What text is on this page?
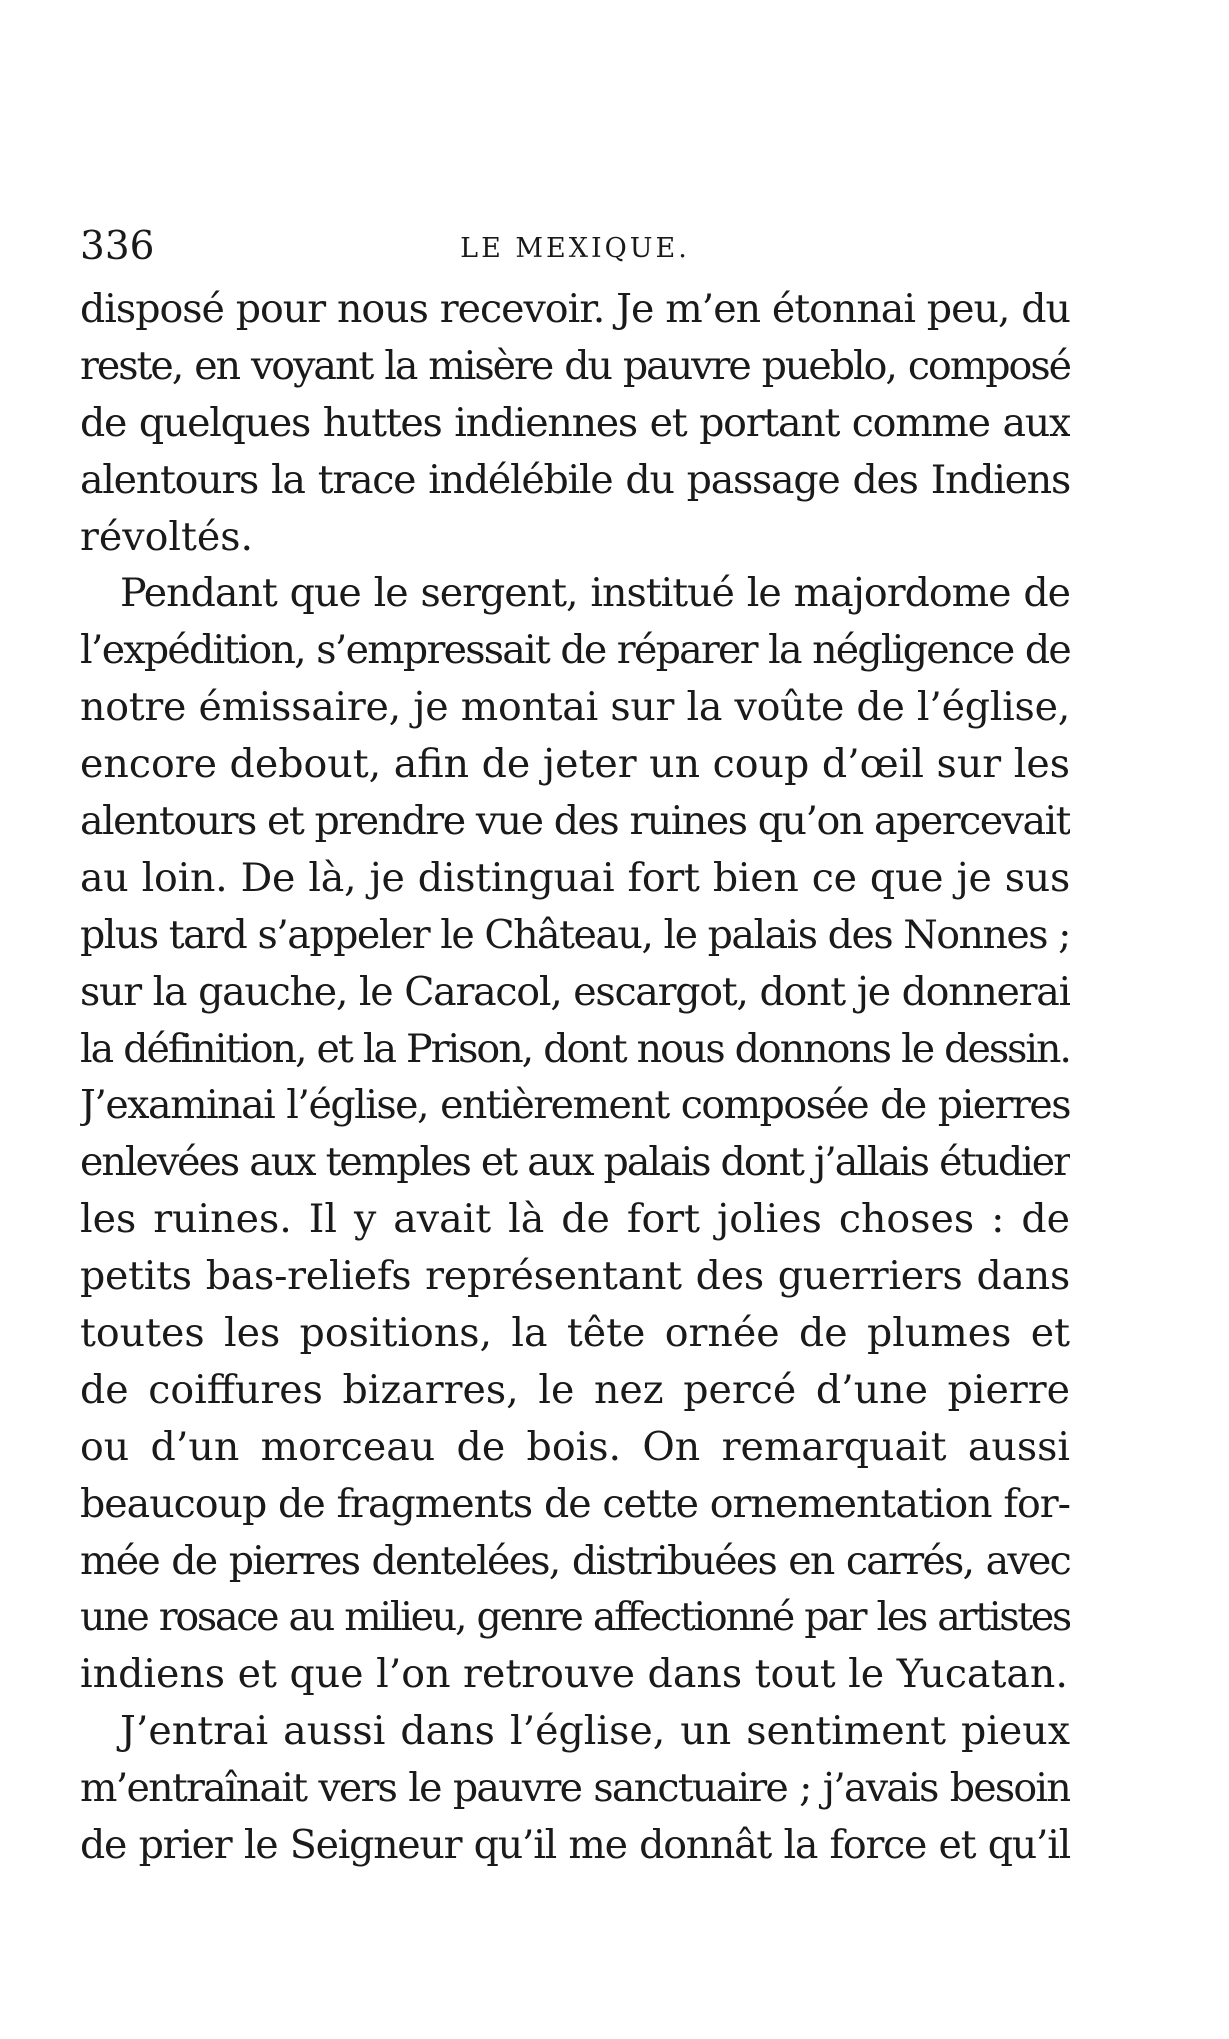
336	LE MEXIQUE.
disposé pour nous recevoir. Je m’en étonnai peu, du
reste, en voyant la misère du pauvre pueblo, composé
de quelques huttes indiennes et portant comme aux
alentours la trace indélébile du passage des Indiens
révoltés.
Pendant que le sergent, institué le majordome de
l’expédition, s’empressait de réparer la négligence de
notre émissaire, je montai sur la voûte de l’église,
encore debout, afin de jeter un coup d’œil sur les
alentours et prendre vue des ruines qu’on apercevait
au loin. De là, je distinguai fort bien ce que je sus
plus tard s’appeler le Château, le palais des Nonnes ;
sur la gauche, le Caracol, escargot, dont je donnerai
la définition, et la Prison, dont nous donnons le dessin.
J’examinai l’église, entièrement composée de pierres
enlevées aux temples et aux palais dont j’allais étudier
les ruines. Il y avait là de fort jolies choses : de
petits bas-reliefs représentant des guerriers dans
toutes les positions, la tête ornée de plumes et
de coiffures bizarres, le nez percé d’une pierre
ou d’un morceau de bois. On remarquait aussi
beaucoup de fragments de cette ornementation for-
mée de pierres dentelées, distribuées en carrés, avec
une rosace au milieu, genre affectionné par les artistes
indiens et que l’on retrouve dans tout le Yucatan.
J’entrai aussi dans l’église, un sentiment pieux
m’entraînait vers le pauvre sanctuaire ; j’avais besoin
de prier le Seigneur qu’il me donnât la force et qu’il
